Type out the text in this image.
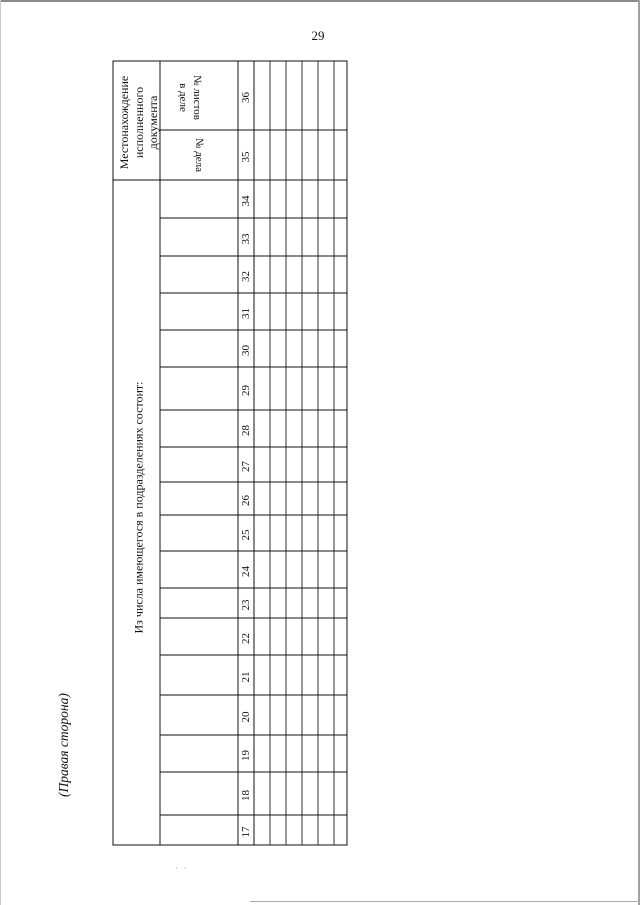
29
(Правая сторона)
Из числа имеющегося в подразделениях состоит:
Местонахождение исполненного документа
№ дела
№ листов
в деле
17
18
19
20
21
22
23
24
25
26
27
28
29
30
31
32
33
34
35
36
· ·
